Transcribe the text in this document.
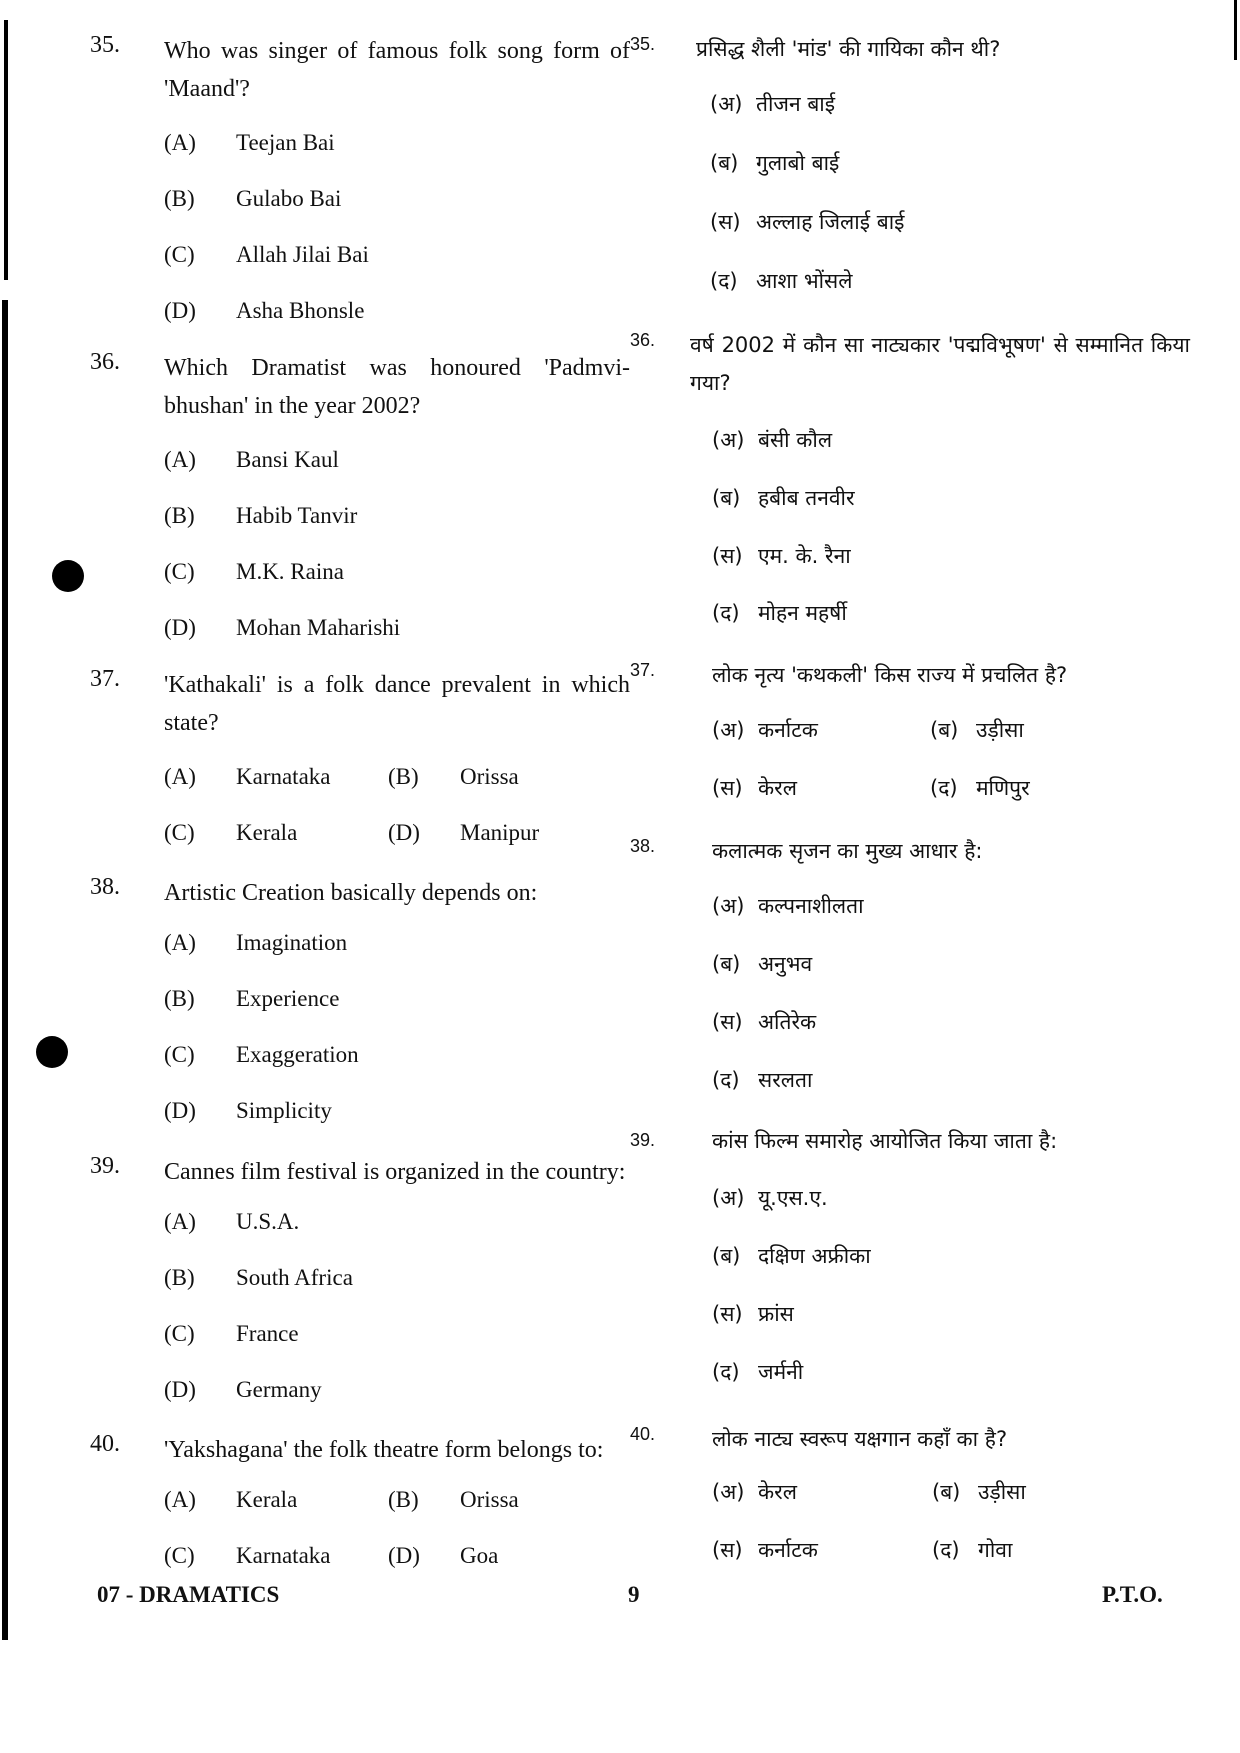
35. Who was singer of famous folk song form of 'Maand'?
(A) Teejan Bai
(B) Gulabo Bai
(C) Allah Jilai Bai
(D) Asha Bhonsle
36. Which Dramatist was honoured 'Padmvi-bhushan' in the year 2002?
(A) Bansi Kaul
(B) Habib Tanvir
(C) M.K. Raina
(D) Mohan Maharishi
37. 'Kathakali' is a folk dance prevalent in which state?
(A) Karnataka	(B) Orissa
(C) Kerala	(D) Manipur
38. Artistic Creation basically depends on:
(A) Imagination
(B) Experience
(C) Exaggeration
(D) Simplicity
39. Cannes film festival is organized in the country:
(A) U.S.A.
(B) South Africa
(C) France
(D) Germany
40. 'Yakshagana' the folk theatre form belongs to:
(A) Kerala	(B) Orissa
(C) Karnataka	(D) Goa
35. प्रसिद्ध शैली 'मांड' की गायिका कौन थी?
(अ) तीजन बाई
(ब) गुलाबो बाई
(स) अल्लाह जिलाई बाई
(द) आशा भोंसले
36. वर्ष 2002 में कौन सा नाट्यकार 'पद्मविभूषण' से सम्मानित किया गया?
(अ) बंसी कौल
(ब) हबीब तनवीर
(स) एम. के. रैना
(द) मोहन महर्षी
37.	लोक नृत्य 'कथकली' किस राज्य में प्रचलित है?
(अ) कर्नाटक	(ब) उड़ीसा
(स) केरल	(द) मणिपुर
38.	कलात्मक सृजन का मुख्य आधार है:
(अ) कल्पनाशीलता
(ब) अनुभव
(स) अतिरेक
(द) सरलता
39.	कांस फिल्म समारोह आयोजित किया जाता है:
(अ) यू.एस.ए.
(ब) दक्षिण अफ्रीका
(स) फ्रांस
(द) जर्मनी
40.	लोक नाट्य स्वरूप यक्षगान कहाँ का है?
(अ) केरल	(ब) उड़ीसा
(स) कर्नाटक	(द) गोवा
07 - DRAMATICS	9	P.T.O.
